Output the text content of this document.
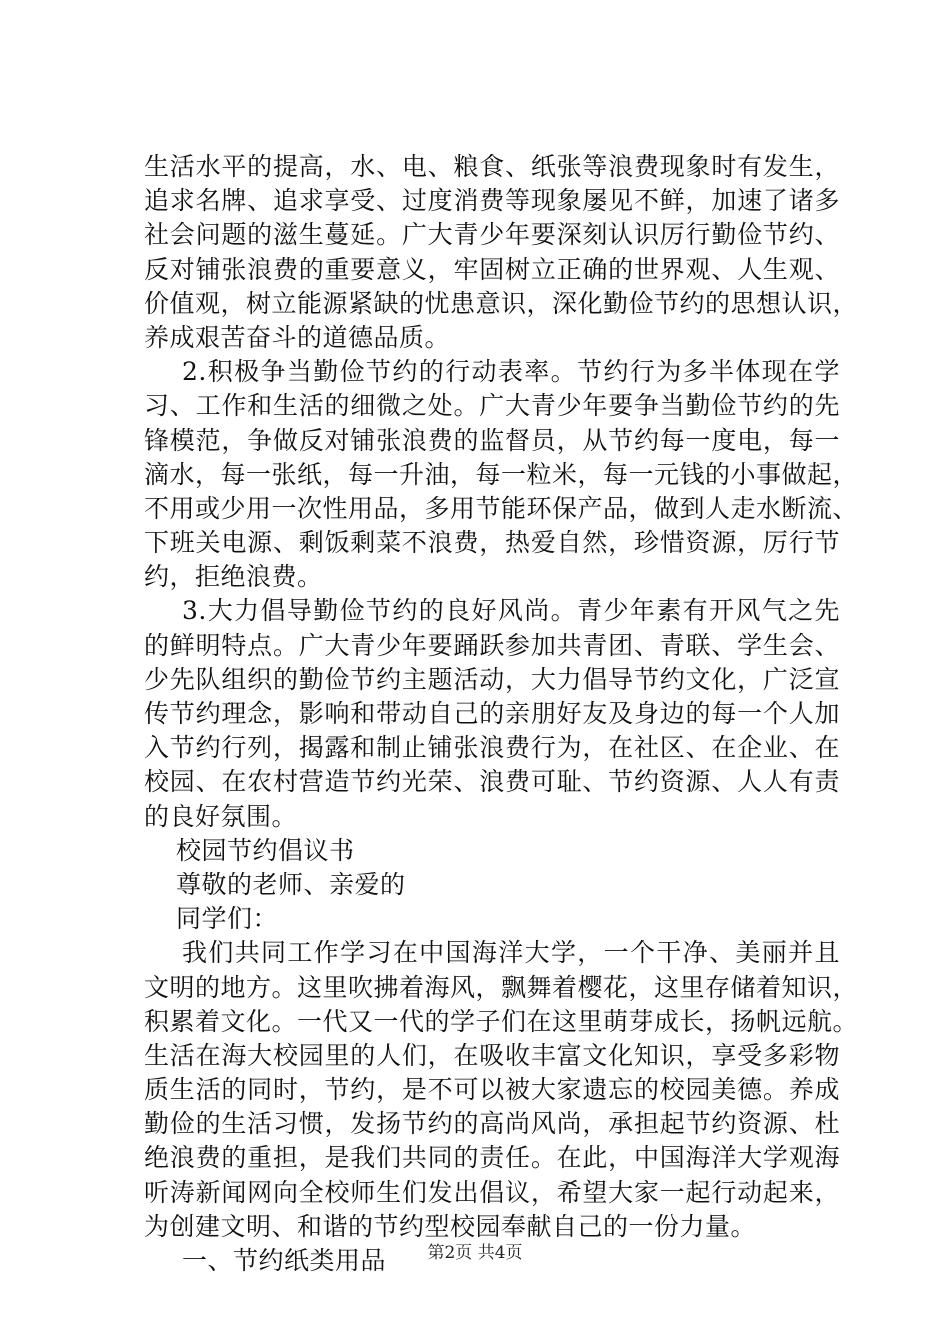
生活水平的提高，水、电、粮食、纸张等浪费现象时有发生，
追求名牌、追求享受、过度消费等现象屡见不鲜，加速了诸多
社会问题的滋生蔓延。广大青少年要深刻认识厉行勤俭节约、
反对铺张浪费的重要意义，牢固树立正确的世界观、人生观、
价值观，树立能源紧缺的忧患意识，深化勤俭节约的思想认识，
养成艰苦奋斗的道德品质。
2.积极争当勤俭节约的行动表率。节约行为多半体现在学
习、工作和生活的细微之处。广大青少年要争当勤俭节约的先
锋模范，争做反对铺张浪费的监督员，从节约每一度电，每一
滴水，每一张纸，每一升油，每一粒米，每一元钱的小事做起，
不用或少用一次性用品，多用节能环保产品，做到人走水断流、
下班关电源、剩饭剩菜不浪费，热爱自然，珍惜资源，厉行节
约，拒绝浪费。
3.大力倡导勤俭节约的良好风尚。青少年素有开风气之先
的鲜明特点。广大青少年要踊跃参加共青团、青联、学生会、
少先队组织的勤俭节约主题活动，大力倡导节约文化，广泛宣
传节约理念，影响和带动自己的亲朋好友及身边的每一个人加
入节约行列，揭露和制止铺张浪费行为，在社区、在企业、在
校园、在农村营造节约光荣、浪费可耻、节约资源、人人有责
的良好氛围。
校园节约倡议书
尊敬的老师、亲爱的
同学们：
我们共同工作学习在中国海洋大学，一个干净、美丽并且
文明的地方。这里吹拂着海风，飘舞着樱花，这里存储着知识，
积累着文化。一代又一代的学子们在这里萌芽成长，扬帆远航。
生活在海大校园里的人们，在吸收丰富文化知识，享受多彩物
质生活的同时，节约，是不可以被大家遗忘的校园美德。养成
勤俭的生活习惯，发扬节约的高尚风尚，承担起节约资源、杜
绝浪费的重担，是我们共同的责任。在此，中国海洋大学观海
听涛新闻网向全校师生们发出倡议，希望大家一起行动起来，
为创建文明、和谐的节约型校园奉献自己的一份力量。
一、节约纸类用品	第2页 共4页
